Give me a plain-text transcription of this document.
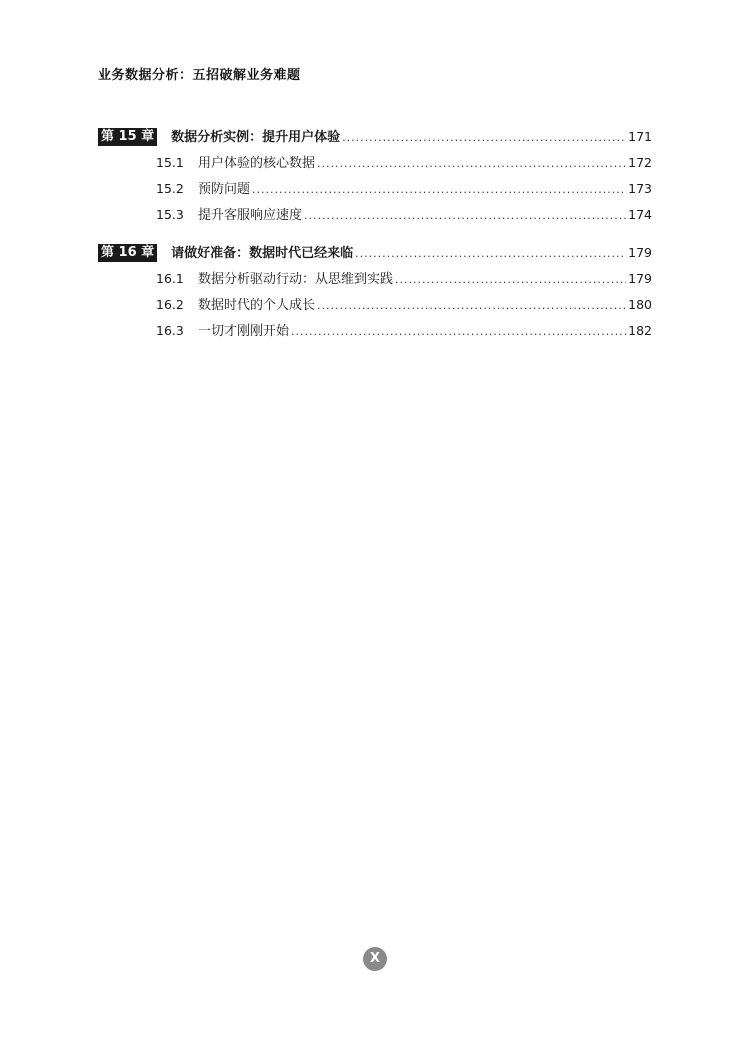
业务数据分析：五招破解业务难题
第 15 章 数据分析实例：提升用户体验 .....	171
15.1	用户体验的核心数据 .....	172
15.2	预防问题 .....	173
15.3	提升客服响应速度 .....	174
第 16 章 请做好准备：数据时代已经来临 .....	179
16.1	数据分析驱动行动：从思维到实践 .....	179
16.2	数据时代的个人成长 .....	180
16.3	一切才刚刚开始 .....	182
X
